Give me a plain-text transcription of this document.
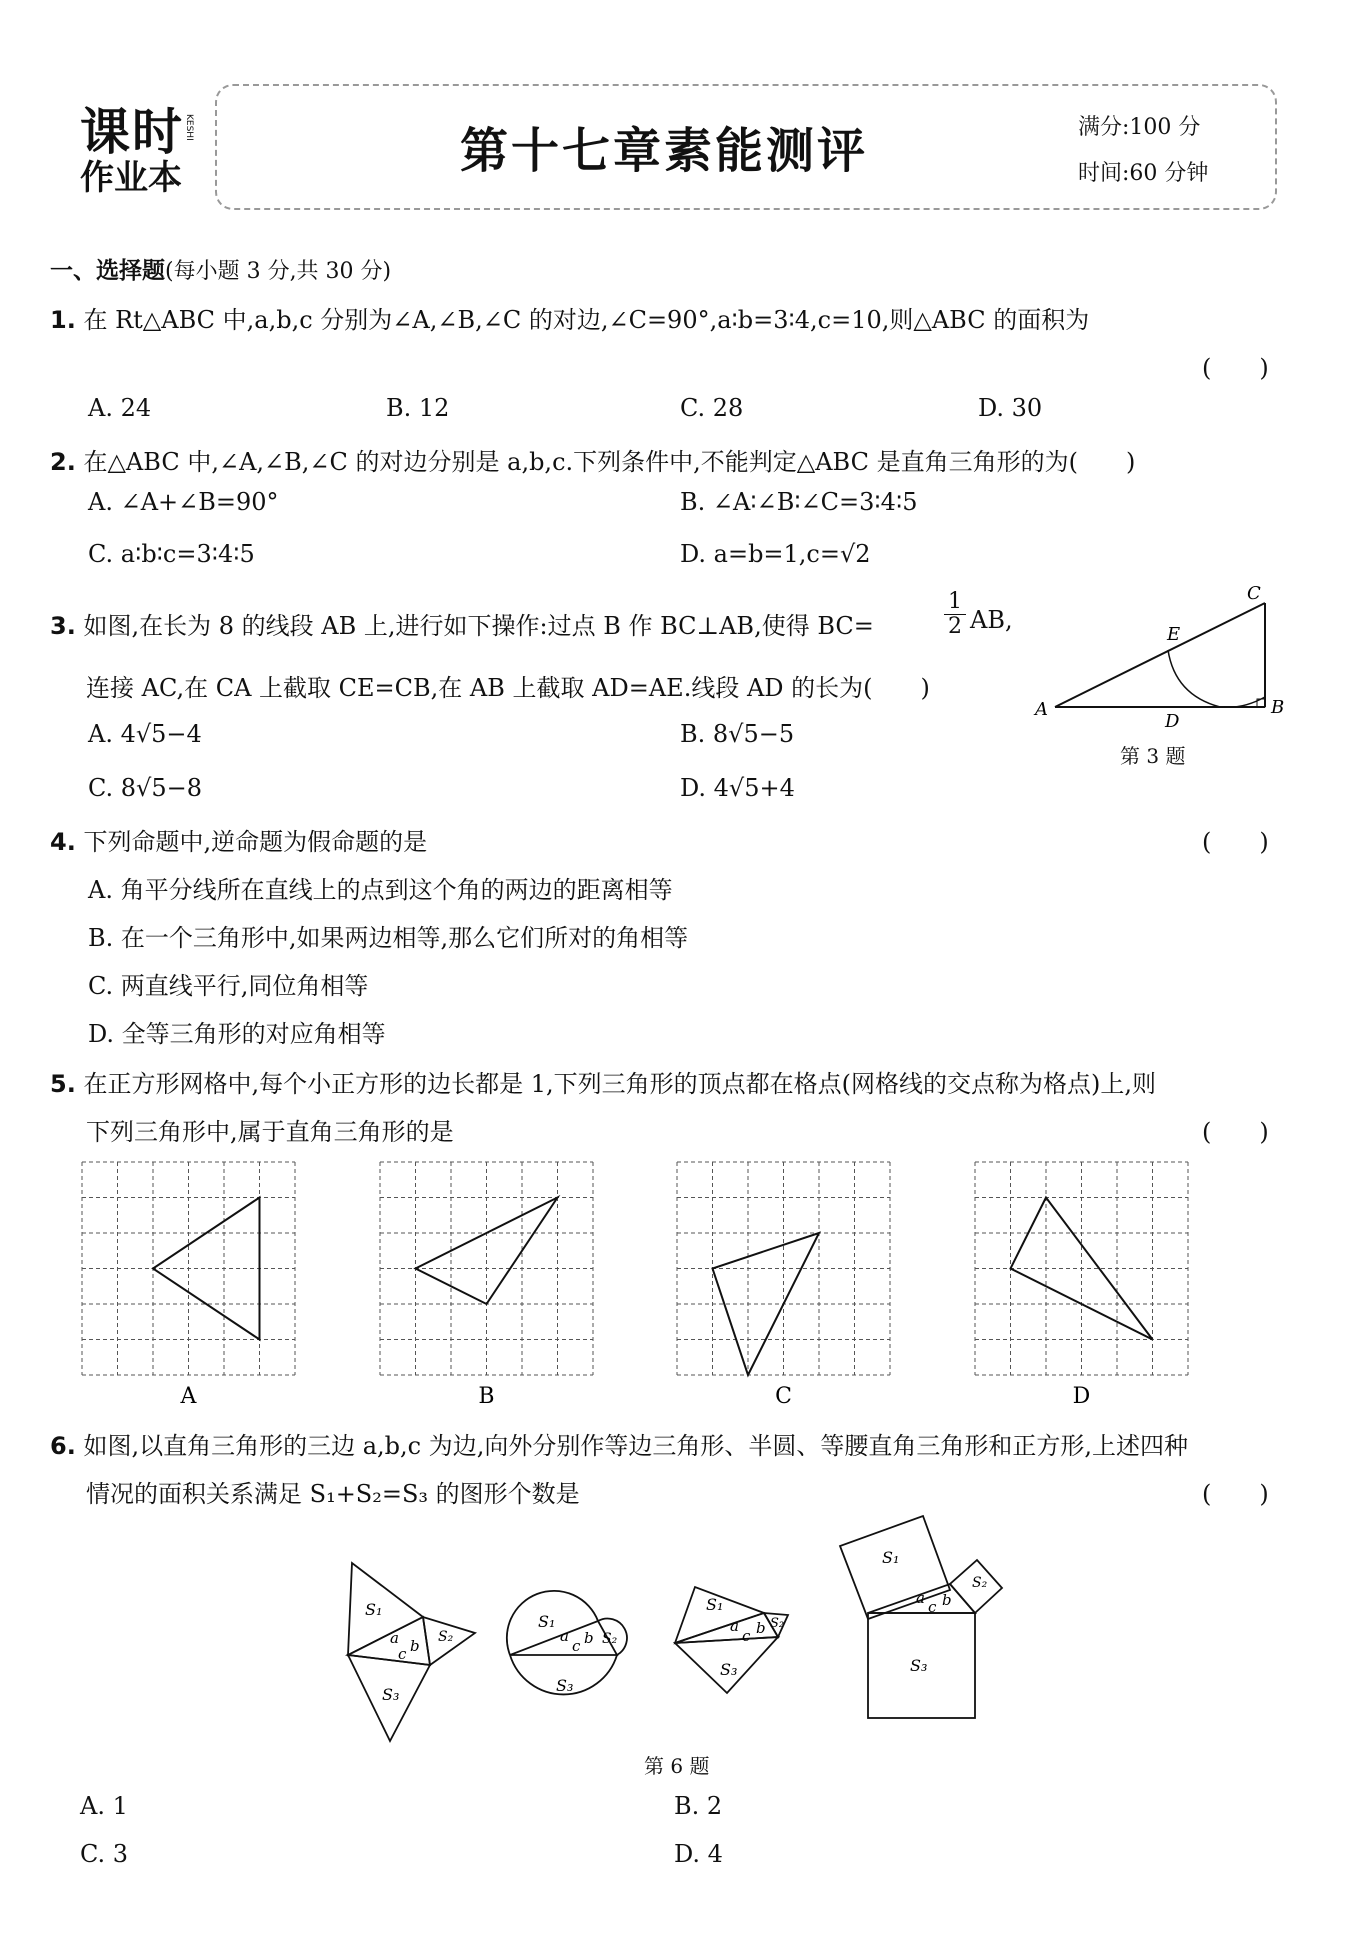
课时
作业本
KESHI	第十七章素能测评	满分:100 分
时间:60 分钟
一、选择题(每小题 3 分,共 30 分)
1. 在 Rt△ABC 中,a,b,c 分别为∠A,∠B,∠C 的对边,∠C=90°,a∶b=3∶4,c=10,则△ABC 的面积为
(　　)
A. 24	B. 12	C. 28	D. 30
2. 在△ABC 中,∠A,∠B,∠C 的对边分别是 a,b,c.下列条件中,不能判定△ABC 是直角三角形的为(　　)
A. ∠A+∠B=90°	B. ∠A∶∠B∶∠C=3∶4∶5
C. a∶b∶c=3∶4∶5	D. a=b=1,c=√2
3. 如图,在长为 8 的线段 AB 上,进行如下操作:过点 B 作 BC⊥AB,使得 BC=	$\frac{1}{2}$ AB,
连接 AC,在 CA 上截取 CE=CB,在 AB 上截取 AD=AE.线段 AD 的长为(　　)
A. 4√5−4	B. 8√5−5
C. 8√5−8	D. 4√5+4
A	B
C
E
D
第 3 题
4. 下列命题中,逆命题为假命题的是	(　　)
A. 角平分线所在直线上的点到这个角的两边的距离相等
B. 在一个三角形中,如果两边相等,那么它们所对的角相等
C. 两直线平行,同位角相等
D. 全等三角形的对应角相等
5. 在正方形网格中,每个小正方形的边长都是 1,下列三角形的顶点都在格点(网格线的交点称为格点)上,则
下列三角形中,属于直角三角形的是	(　　)
A	B	C	D
6. 如图,以直角三角形的三边 a,b,c 为边,向外分别作等边三角形、半圆、等腰直角三角形和正方形,上述四种
情况的面积关系满足 S₁+S₂=S₃ 的图形个数是	(　　)
S₁
S₂
S₃
a b
c
S₁
S₂
S₃
a b
c
S₁
S₂
S₃
a b
c
S₁
S₂
S₃
a b
c
第 6 题
A. 1	B. 2
C. 3	D. 4
